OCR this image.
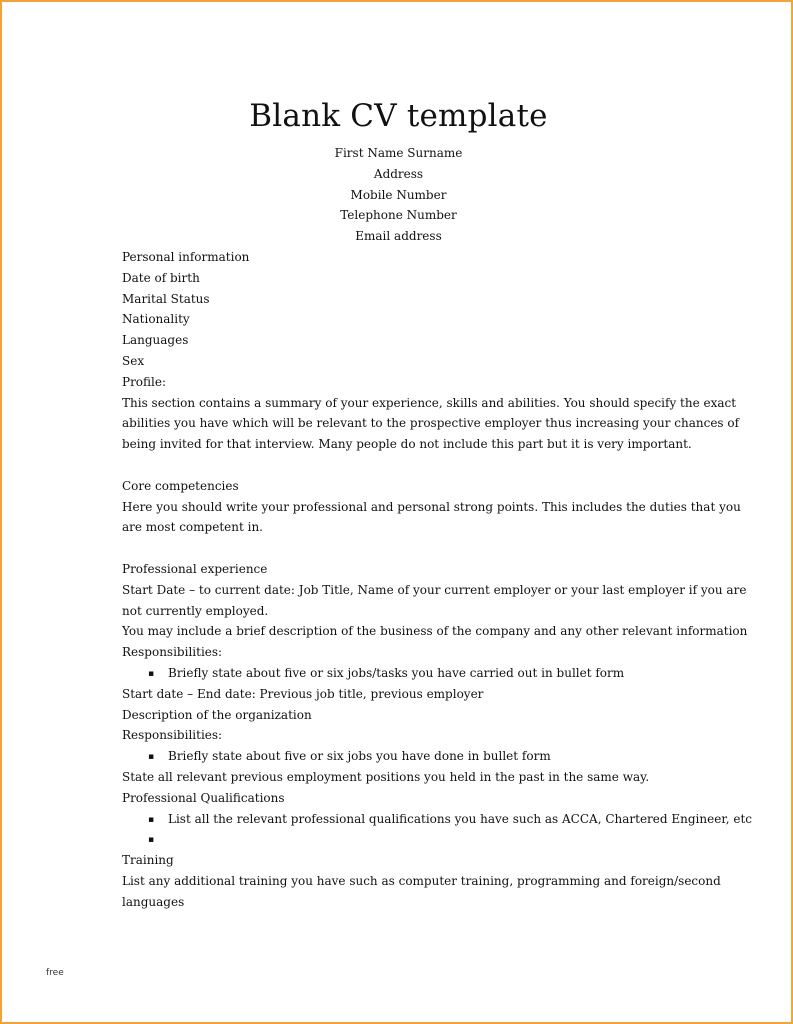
Blank CV template
First Name Surname
Address
Mobile Number
Telephone Number
Email address
Personal information
Date of birth
Marital Status
Nationality
Languages
Sex
Profile:
This section contains a summary of your experience, skills and abilities. You should specify the exact
abilities you have which will be relevant to the prospective employer thus increasing your chances of
being invited for that interview. Many people do not include this part but it is very important.
Core competencies
Here you should write your professional and personal strong points. This includes the duties that you
are most competent in.
Professional experience
Start Date – to current date: Job Title, Name of your current employer or your last employer if you are
not currently employed.
You may include a brief description of the business of the company and any other relevant information
Responsibilities:
▪ Briefly state about five or six jobs/tasks you have carried out in bullet form
Start date – End date: Previous job title, previous employer
Description of the organization
Responsibilities:
▪ Briefly state about five or six jobs you have done in bullet form
State all relevant previous employment positions you held in the past in the same way.
Professional Qualifications
▪ List all the relevant professional qualifications you have such as ACCA, Chartered Engineer, etc
▪
Training
List any additional training you have such as computer training, programming and foreign/second
languages
free
